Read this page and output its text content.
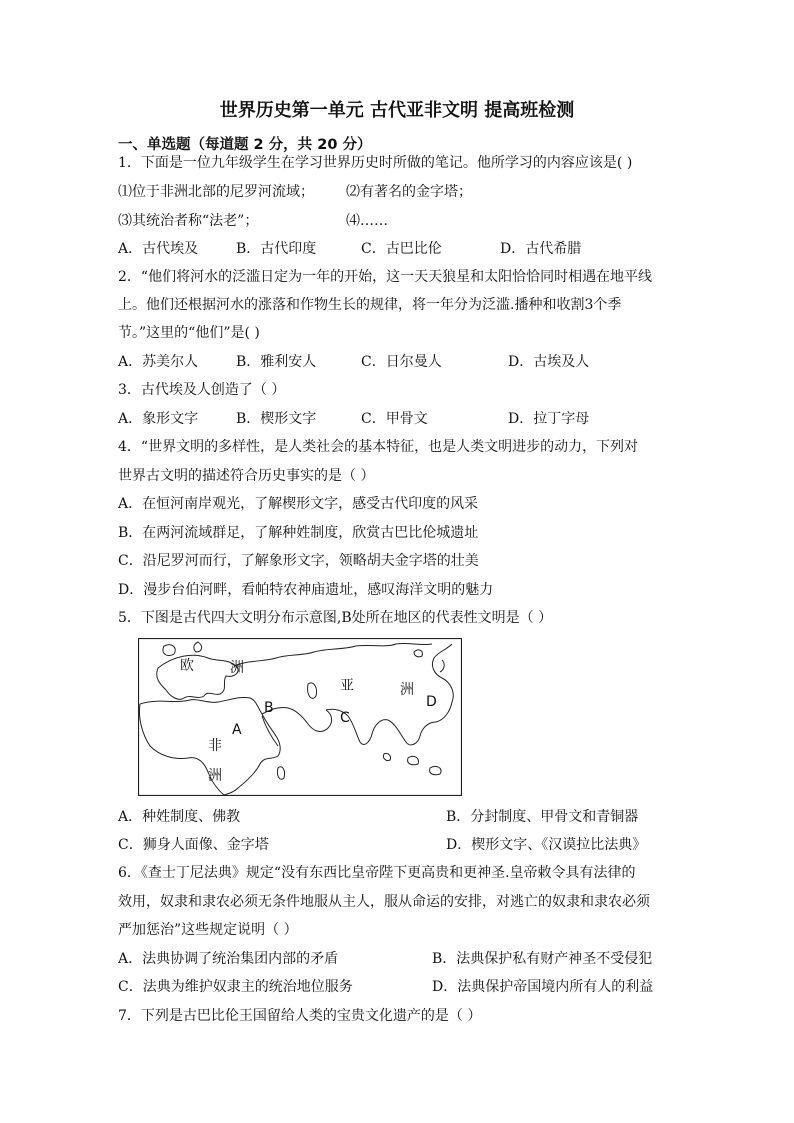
世界历史第一单元 古代亚非文明 提高班检测
一、单选题（每道题 2 分，共 20 分）
1．下面是一位九年级学生在学习世界历史时所做的笔记。他所学习的内容应该是( )
⑴位于非洲北部的尼罗河流域； ⑵有著名的金字塔；
⑶其统治者称“法老”；	⑷……
A．古代埃及	B．古代印度	C．古巴比伦	D．古代希腊
2．“他们将河水的泛滥日定为一年的开始，这一天天狼星和太阳恰恰同时相遇在地平线
上。他们还根据河水的涨落和作物生长的规律，将一年分为泛滥.播种和收割3个季
节。”这里的“他们”是( )
A．苏美尔人	B．雅利安人	C．日尔曼人	D．古埃及人
3．古代埃及人创造了（ ）
A．象形文字	B．楔形文字	C．甲骨文	D．拉丁字母
4．“世界文明的多样性，是人类社会的基本特征，也是人类文明进步的动力，下列对
世界古文明的描述符合历史事实的是（ ）
A．在恒河南岸观光，了解楔形文字，感受古代印度的风采
B．在两河流域群足，了解种姓制度，欣赏古巴比伦城遗址
C．沿尼罗河而行，了解象形文字，领略胡夫金字塔的壮美
D．漫步台伯河畔，看帕特农神庙遗址，感叹海洋文明的魅力
5．下图是古代四大文明分布示意图,B处所在地区的代表性文明是（ ）
欧	洲
亚	洲
非
洲
A
B
C
D
A．种姓制度、佛教	B．分封制度、甲骨文和青铜器
C．狮身人面像、金字塔	D．楔形文字、《汉谟拉比法典》
6．《查士丁尼法典》规定“没有东西比皇帝陛下更高贵和更神圣.皇帝敕令具有法律的
效用，奴隶和隶农必须无条件地服从主人，服从命运的安排，对逃亡的奴隶和隶农必须
严加惩治”这些规定说明（ ）
A．法典协调了统治集团内部的矛盾	B．法典保护私有财产神圣不受侵犯
C．法典为维护奴隶主的统治地位服务	D．法典保护帝国境内所有人的利益
7．下列是古巴比伦王国留给人类的宝贵文化遗产的是（ ）
